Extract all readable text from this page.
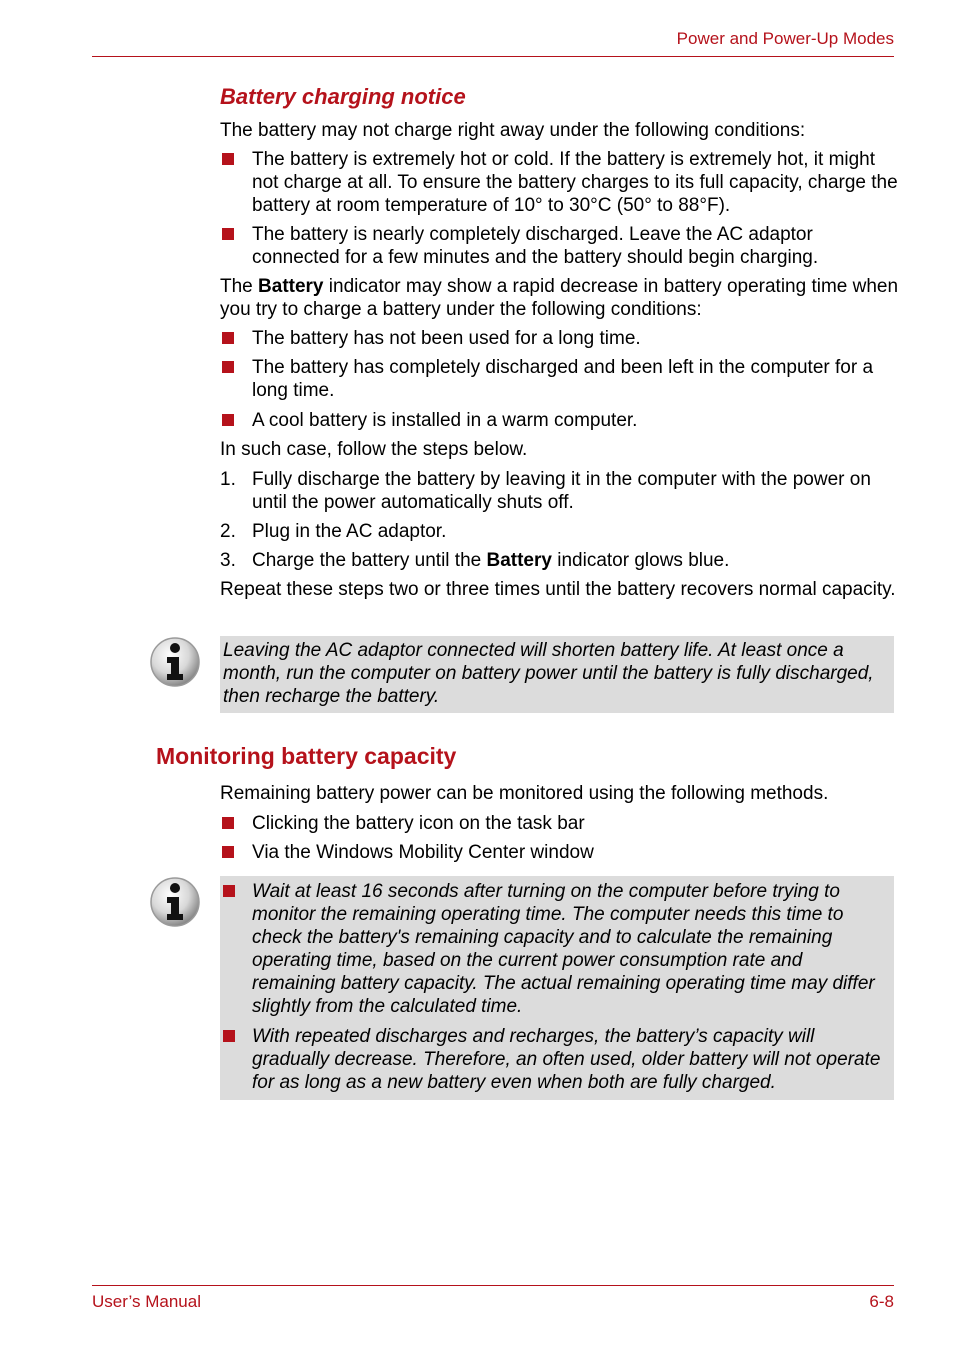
Power and Power-Up Modes
Battery charging notice

The battery may not charge right away under the following conditions:

The battery is extremely hot or cold. If the battery is extremely hot, it might not charge at all. To ensure the battery charges to its full capacity, charge the battery at room temperature of 10° to 30°C (50° to 88°F).
The battery is nearly completely discharged. Leave the AC adaptor connected for a few minutes and the battery should begin charging.

The Battery indicator may show a rapid decrease in battery operating time when you try to charge a battery under the following conditions:

The battery has not been used for a long time.
The battery has completely discharged and been left in the computer for a long time.
A cool battery is installed in a warm computer.

In such case, follow the steps below.

1. Fully discharge the battery by leaving it in the computer with the power on until the power automatically shuts off.
2. Plug in the AC adaptor.
3. Charge the battery until the Battery indicator glows blue.

Repeat these steps two or three times until the battery recovers normal capacity.

Leaving the AC adaptor connected will shorten battery life. At least once a month, run the computer on battery power until the battery is fully discharged, then recharge the battery.
Monitoring battery capacity

Remaining battery power can be monitored using the following methods.

Clicking the battery icon on the task bar
Via the Windows Mobility Center window
Wait at least 16 seconds after turning on the computer before trying to monitor the remaining operating time. The computer needs this time to check the battery's remaining capacity and to calculate the remaining operating time, based on the current power consumption rate and remaining battery capacity. The actual remaining operating time may differ slightly from the calculated time.
With repeated discharges and recharges, the battery’s capacity will gradually decrease. Therefore, an often used, older battery will not operate for as long as a new battery even when both are fully charged.
User’s Manual	6-8
